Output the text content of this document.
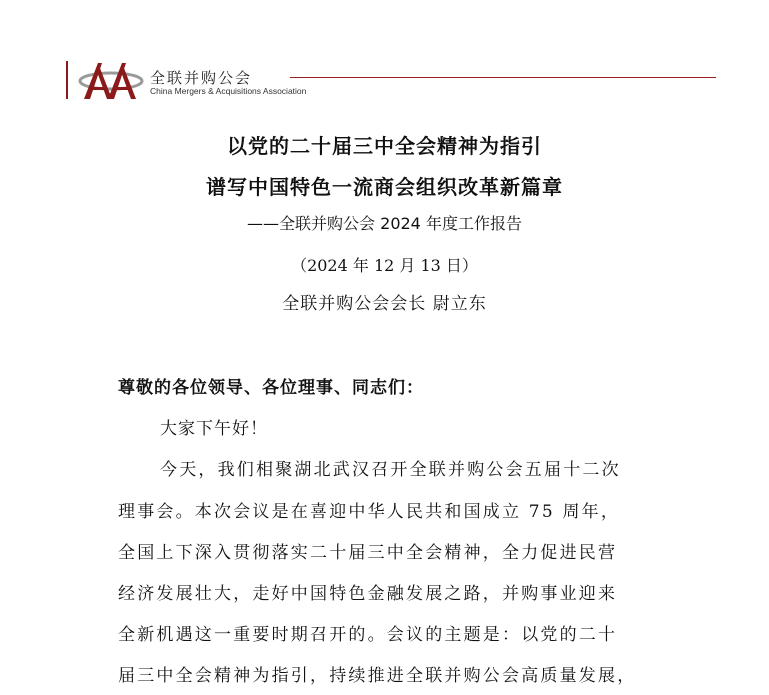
全联并购公会
China Mergers & Acquisitions Association
以党的二十届三中全会精神为指引
谱写中国特色一流商会组织改革新篇章
——全联并购公会 2024 年度工作报告
（2024 年 12 月 13 日）
全联并购公会会长 尉立东
尊敬的各位领导、各位理事、同志们：
大家下午好！
今天，我们相聚湖北武汉召开全联并购公会五届十二次
理事会。本次会议是在喜迎中华人民共和国成立 75 周年，
全国上下深入贯彻落实二十届三中全会精神，全力促进民营
经济发展壮大，走好中国特色金融发展之路，并购事业迎来
全新机遇这一重要时期召开的。会议的主题是：以党的二十
届三中全会精神为指引，持续推进全联并购公会高质量发展，
